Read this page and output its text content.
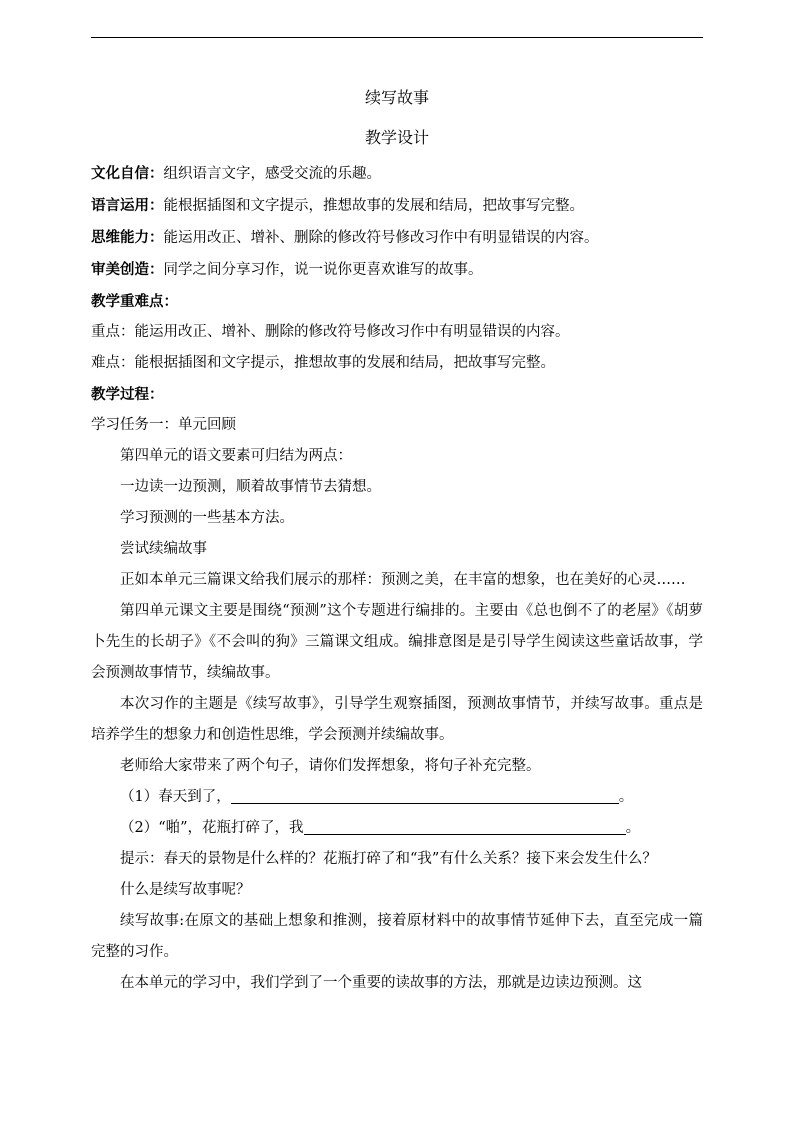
续写故事

教学设计

文化自信：组织语言文字，感受交流的乐趣。

语言运用：能根据插图和文字提示，推想故事的发展和结局，把故事写完整。

思维能力：能运用改正、增补、删除的修改符号修改习作中有明显错误的内容。

审美创造：同学之间分享习作，说一说你更喜欢谁写的故事。

教学重难点：

重点：能运用改正、增补、删除的修改符号修改习作中有明显错误的内容。

难点：能根据插图和文字提示，推想故事的发展和结局，把故事写完整。

教学过程：

学习任务一：单元回顾

第四单元的语文要素可归结为两点：

一边读一边预测，顺着故事情节去猜想。

学习预测的一些基本方法。

尝试续编故事

正如本单元三篇课文给我们展示的那样：预测之美，在丰富的想象，也在美好的心灵……

第四单元课文主要是围绕“预测”这个专题进行编排的。主要由《总也倒不了的老屋》《胡萝卜先生的长胡子》《不会叫的狗》三篇课文组成。编排意图是是引导学生阅读这些童话故事，学会预测故事情节，续编故事。

本次习作的主题是《续写故事》，引导学生观察插图，预测故事情节，并续写故事。重点是培养学生的想象力和创造性思维，学会预测并续编故事。

老师给大家带来了两个句子，请你们发挥想象，将句子补充完整。

（1）春天到了，	。

（2）“啪”，花瓶打碎了，我	。

提示：春天的景物是什么样的？花瓶打碎了和“我”有什么关系？接下来会发生什么？

什么是续写故事呢？

续写故事:在原文的基础上想象和推测，接着原材料中的故事情节延伸下去，直至完成一篇完整的习作。

在本单元的学习中，我们学到了一个重要的读故事的方法，那就是边读边预测。这
